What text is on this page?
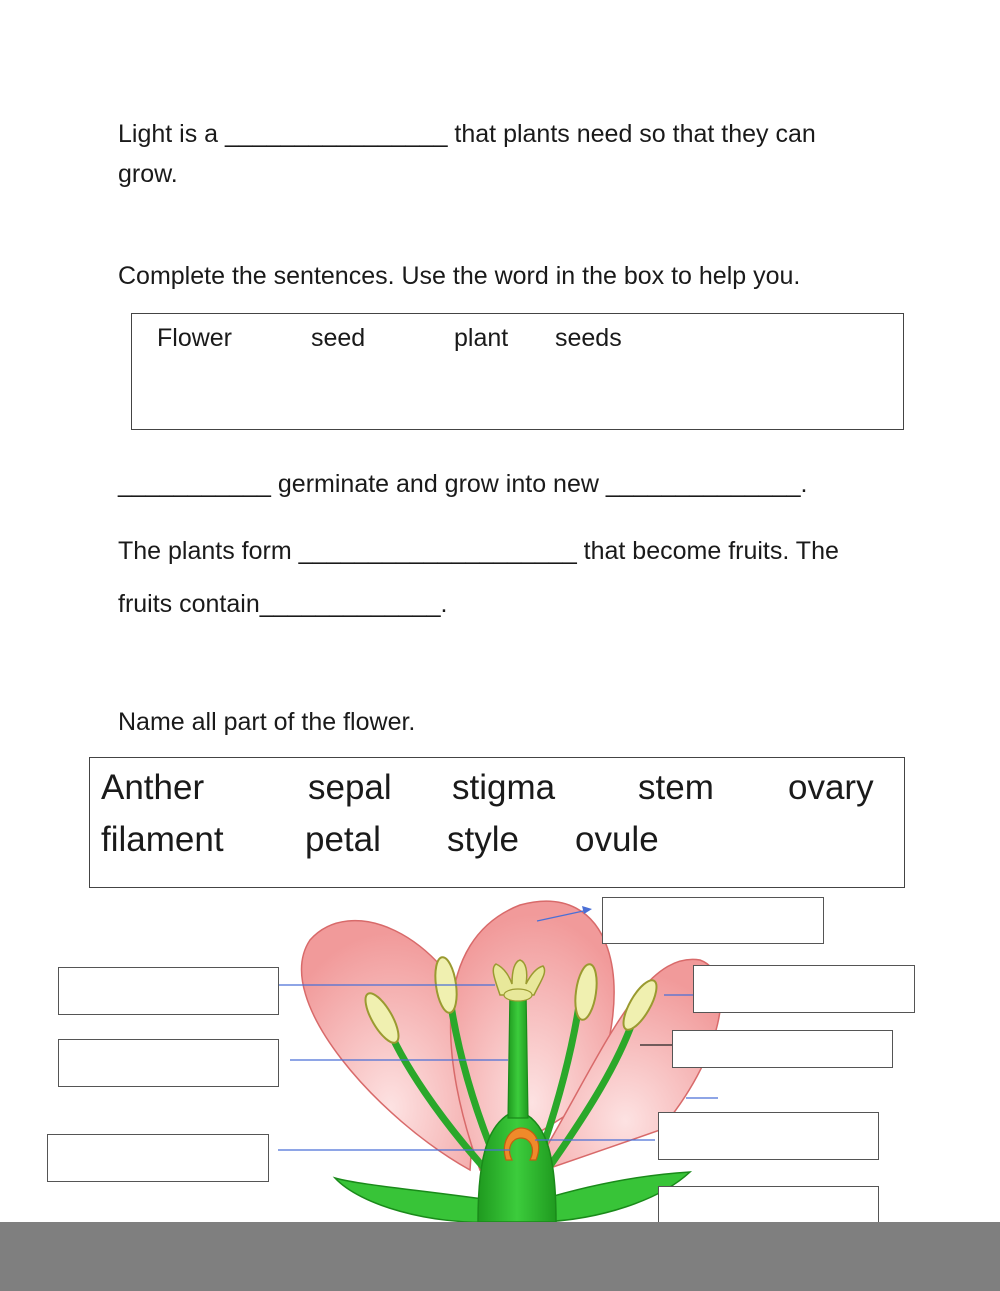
Light is a ________________ that plants need so that they can

grow.

Complete the sentences. Use the word in the box to help you.

Flower	seed	plant seeds

___________ germinate and grow into new ______________.

The plants form ____________________ that become fruits. The

fruits contain_____________.

Name all part of the flower.

Anther	sepal stigma stem ovary
filament petal style ovule
